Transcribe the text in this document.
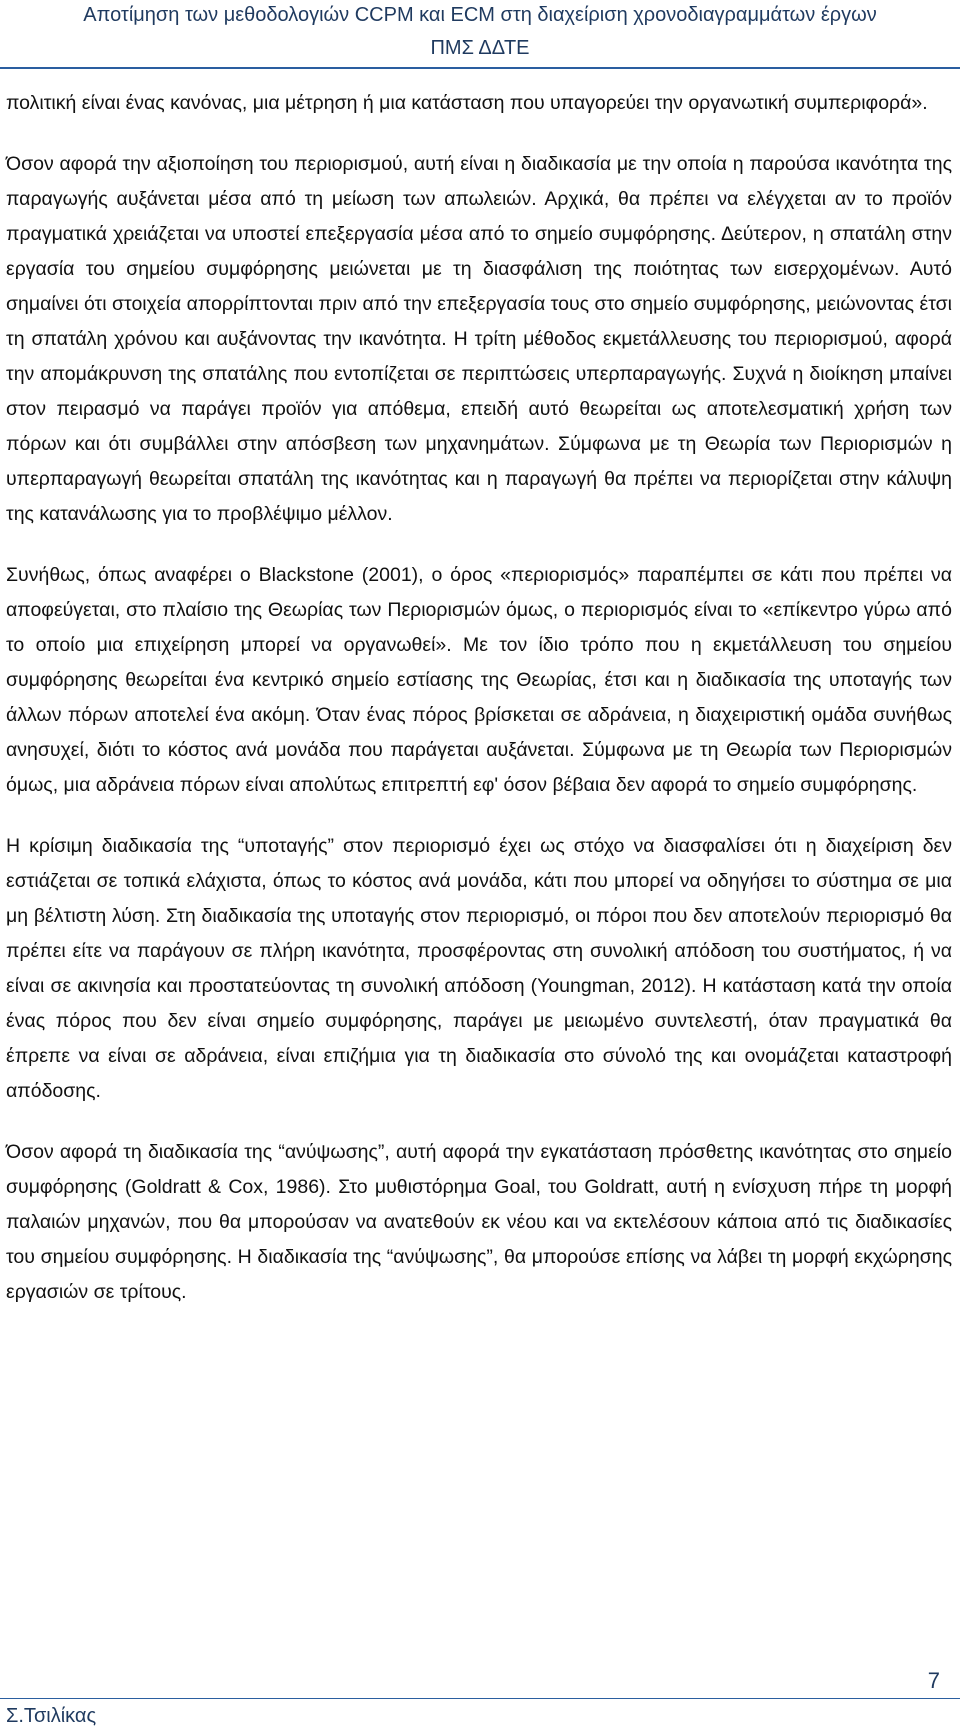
Αποτίμηση των μεθοδολογιών CCPM και ECM στη διαχείριση χρονοδιαγραμμάτων έργων
ΠΜΣ ΔΔΤΕ

πολιτική είναι ένας κανόνας, μια μέτρηση ή μια κατάσταση που υπαγορεύει την οργανωτική συμπεριφορά».

Όσον αφορά την αξιοποίηση του περιορισμού, αυτή είναι η διαδικασία με την οποία η παρούσα ικανότητα της παραγωγής αυξάνεται μέσα από τη μείωση των απωλειών. Αρχικά, θα πρέπει να ελέγχεται αν το προϊόν πραγματικά χρειάζεται να υποστεί επεξεργασία μέσα από το σημείο συμφόρησης. Δεύτερον, η σπατάλη στην εργασία του σημείου συμφόρησης μειώνεται με τη διασφάλιση της ποιότητας των εισερχομένων. Αυτό σημαίνει ότι στοιχεία απορρίπτονται πριν από την επεξεργασία τους στο σημείο συμφόρησης, μειώνοντας έτσι τη σπατάλη χρόνου και αυξάνοντας την ικανότητα. Η τρίτη μέθοδος εκμετάλλευσης του περιορισμού, αφορά την απομάκρυνση της σπατάλης που εντοπίζεται σε περιπτώσεις υπερπαραγωγής. Συχνά η διοίκηση μπαίνει στον πειρασμό να παράγει προϊόν για απόθεμα, επειδή αυτό θεωρείται ως αποτελεσματική χρήση των πόρων και ότι συμβάλλει στην απόσβεση των μηχανημάτων. Σύμφωνα με τη Θεωρία των Περιορισμών η υπερπαραγωγή θεωρείται σπατάλη της ικανότητας και η παραγωγή θα πρέπει να περιορίζεται στην κάλυψη της κατανάλωσης για το προβλέψιμο μέλλον.

Συνήθως, όπως αναφέρει ο Blackstone (2001), ο όρος «περιορισμός» παραπέμπει σε κάτι που πρέπει να αποφεύγεται, στο πλαίσιο της Θεωρίας των Περιορισμών όμως, ο περιορισμός είναι το «επίκεντρο γύρω από το οποίο μια επιχείρηση μπορεί να οργανωθεί». Με τον ίδιο τρόπο που η εκμετάλλευση του σημείου συμφόρησης θεωρείται ένα κεντρικό σημείο εστίασης της Θεωρίας, έτσι και η διαδικασία της υποταγής των άλλων πόρων αποτελεί ένα ακόμη. Όταν ένας πόρος βρίσκεται σε αδράνεια, η διαχειριστική ομάδα συνήθως ανησυχεί, διότι το κόστος ανά μονάδα που παράγεται αυξάνεται. Σύμφωνα με τη Θεωρία των Περιορισμών όμως, μια αδράνεια πόρων είναι απολύτως επιτρεπτή εφ' όσον βέβαια δεν αφορά το σημείο συμφόρησης.

Η κρίσιμη διαδικασία της “υποταγής” στον περιορισμό έχει ως στόχο να διασφαλίσει ότι η διαχείριση δεν εστιάζεται σε τοπικά ελάχιστα, όπως το κόστος ανά μονάδα, κάτι που μπορεί να οδηγήσει το σύστημα σε μια μη βέλτιστη λύση. Στη διαδικασία της υποταγής στον περιορισμό, οι πόροι που δεν αποτελούν περιορισμό θα πρέπει είτε να παράγουν σε πλήρη ικανότητα, προσφέροντας στη συνολική απόδοση του συστήματος, ή να είναι σε ακινησία και προστατεύοντας τη συνολική απόδοση (Youngman, 2012). Η κατάσταση κατά την οποία ένας πόρος που δεν είναι σημείο συμφόρησης, παράγει με μειωμένο συντελεστή, όταν πραγματικά θα έπρεπε να είναι σε αδράνεια, είναι επιζήμια για τη διαδικασία στο σύνολό της και ονομάζεται καταστροφή απόδοσης.

Όσον αφορά τη διαδικασία της “ανύψωσης”, αυτή αφορά την εγκατάσταση πρόσθετης ικανότητας στο σημείο συμφόρησης (Goldratt & Cox, 1986). Στο μυθιστόρημα Goal, του Goldratt, αυτή η ενίσχυση πήρε τη μορφή παλαιών μηχανών, που θα μπορούσαν να ανατεθούν εκ νέου και να εκτελέσουν κάποια από τις διαδικασίες του σημείου συμφόρησης. Η διαδικασία της “ανύψωσης”, θα μπορούσε επίσης να λάβει τη μορφή εκχώρησης εργασιών σε τρίτους.

7
Σ.Τσιλίκας
